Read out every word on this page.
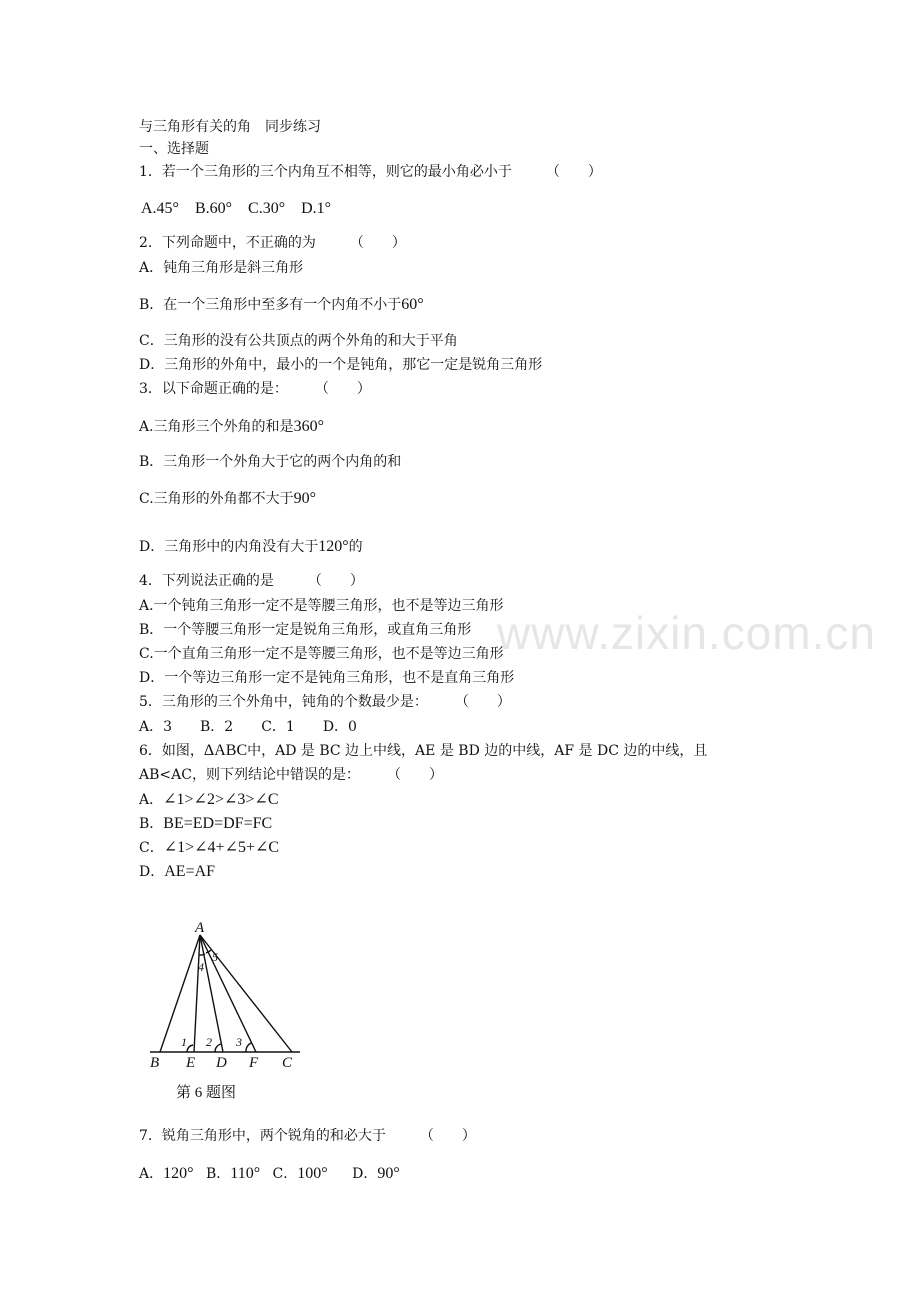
www.zixin.com.cn
与三角形有关的角　同步练习
一、选择题
1．若一个三角形的三个内角互不相等，则它的最小角必小于 （　　）
A.45°　B.60°　C.30°　D.1°
2．下列命题中，不正确的为 （　　）
A．钝角三角形是斜三角形
B．在一个三角形中至多有一个内角不小于60°
C．三角形的没有公共顶点的两个外角的和大于平角
D．三角形的外角中，最小的一个是钝角，那它一定是锐角三角形
3．以下命题正确的是： （　　）
A.三角形三个外角的和是360°
B．三角形一个外角大于它的两个内角的和
C.三角形的外角都不大于90°
D．三角形中的内角没有大于120°的
4．下列说法正确的是 （　　）
A.一个钝角三角形一定不是等腰三角形，也不是等边三角形
B．一个等腰三角形一定是锐角三角形，或直角三角形
C.一个直角三角形一定不是等腰三角形，也不是等边三角形
D．一个等边三角形一定不是钝角三角形，也不是直角三角形
5．三角形的三个外角中，钝角的个数最少是： （　　）
A．3　　B．2　　C．1　　D．0
6．如图，ΔABC中，AD 是 BC 边上中线，AE 是 BD 边的中线，AF 是 DC 边的中线，且
AB<AC，则下列结论中错误的是： （　　）
A．∠1>∠2>∠3>∠C
B．BE=ED=DF=FC
C．∠1>∠4+∠5+∠C
D．AE=AF
A
B E D F C
1 2 3
4
5
第 6 题图
7．锐角三角形中，两个锐角的和必大于 （　　）
A．120° B．110° C．100° D．90°
